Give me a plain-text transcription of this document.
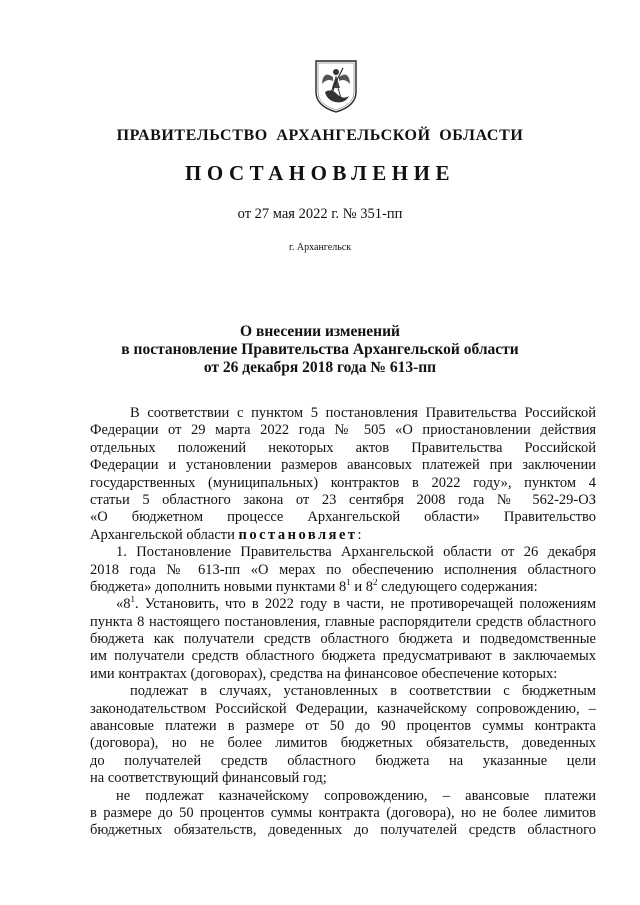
ПРАВИТЕЛЬСТВО АРХАНГЕЛЬСКОЙ ОБЛАСТИ
ПОСТАНОВЛЕНИЕ
от 27 мая 2022 г. № 351-пп
г. Архангельск
О внесении изменений
в постановление Правительства Архангельской области
от 26 декабря 2018 года № 613-пп
В соответствии с пунктом 5 постановления Правительства Российской
Федерации от 29 марта 2022 года № 505 «О приостановлении действия
отдельных положений некоторых актов Правительства Российской
Федерации и установлении размеров авансовых платежей при заключении
государственных (муниципальных) контрактов в 2022 году», пунктом 4
статьи 5 областного закона от 23 сентября 2008 года № 562-29-ОЗ
«О бюджетном процессе Архангельской области» Правительство
Архангельской области постановляет:
1. Постановление Правительства Архангельской области от 26 декабря
2018 года № 613-пп «О мерах по обеспечению исполнения областного
бюджета» дополнить новыми пунктами $8^1$ и $8^2$ следующего содержания:
«$8^1$. Установить, что в 2022 году в части, не противоречащей положениям
пункта 8 настоящего постановления, главные распорядители средств областного
бюджета как получатели средств областного бюджета и подведомственные
им получатели средств областного бюджета предусматривают в заключаемых
ими контрактах (договорах), средства на финансовое обеспечение которых:
подлежат в случаях, установленных в соответствии с бюджетным
законодательством Российской Федерации, казначейскому сопровождению, –
авансовые платежи в размере от 50 до 90 процентов суммы контракта
(договора), но не более лимитов бюджетных обязательств, доведенных
до получателей средств областного бюджета на указанные цели
на соответствующий финансовый год;
не подлежат казначейскому сопровождению, – авансовые платежи
в размере до 50 процентов суммы контракта (договора), но не более лимитов
бюджетных обязательств, доведенных до получателей средств областного
